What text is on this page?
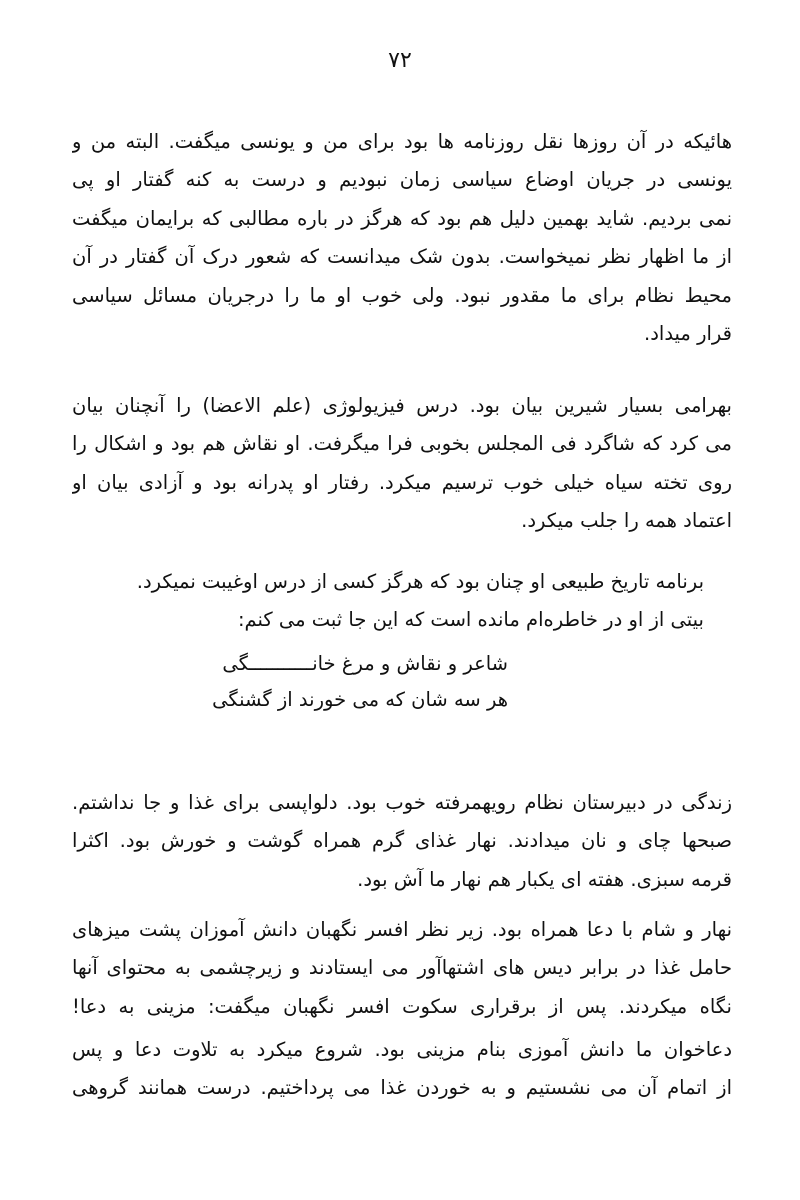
۷۲
هائیکه در آن روزها نقل روزنامه ها بود برای من و یونسی میگفت. البته من و
یونسی در جریان اوضاع سیاسی زمان نبودیم و درست به کنه گفتار او پی
نمی بردیم. شاید بهمین دلیل هم بود که هرگز در باره مطالبی که برایمان میگفت
از ما اظهار نظر نمیخواست. بدون شک میدانست که شعور درک آن گفتار در آن
محیط نظام برای ما مقدور نبود. ولی خوب او ما را درجریان مسائل سیاسی
قرار میداد.
بهرامی بسیار شیرین بیان بود. درس فیزیولوژی (علم الاعضا) را آنچنان بیان
می کرد که شاگرد فی المجلس بخوبی فرا میگرفت. او نقاش هم بود و اشکال را
روی تخته سیاه خیلی خوب ترسیم میکرد. رفتار او پدرانه بود و آزادی بیان او
اعتماد همه را جلب میکرد.
برنامه تاریخ طبیعی او چنان بود که هرگز کسی از درس اوغیبت نمیکرد.
بیتی از او در خاطره‌ام مانده است که این جا ثبت می کنم:
شاعر و نقاش و مرغ خانـــــــــــگی
هر سه شان که می خورند از گشنگی
زندگی در دبیرستان نظام رویهمرفته خوب بود. دلواپسی برای غذا و جا نداشتم.
صبحها چای و نان میدادند. نهار غذای گرم همراه گوشت و خورش بود. اکثرا
قرمه سبزی. هفته ای یکبار هم نهار ما آش بود.
نهار و شام با دعا همراه بود. زیر نظر افسر نگهبان دانش آموزان پشت میزهای
حامل غذا در برابر دیس های اشتهاآور می ایستادند و زیرچشمی به محتوای آنها
نگاه میکردند. پس از برقراری سکوت افسر نگهبان میگفت: مزینی به دعا!
دعاخوان ما دانش آموزی بنام مزینی بود. شروع میکرد به تلاوت دعا و پس
از اتمام آن می نشستیم و به خوردن غذا می پرداختیم. درست همانند گروهی
